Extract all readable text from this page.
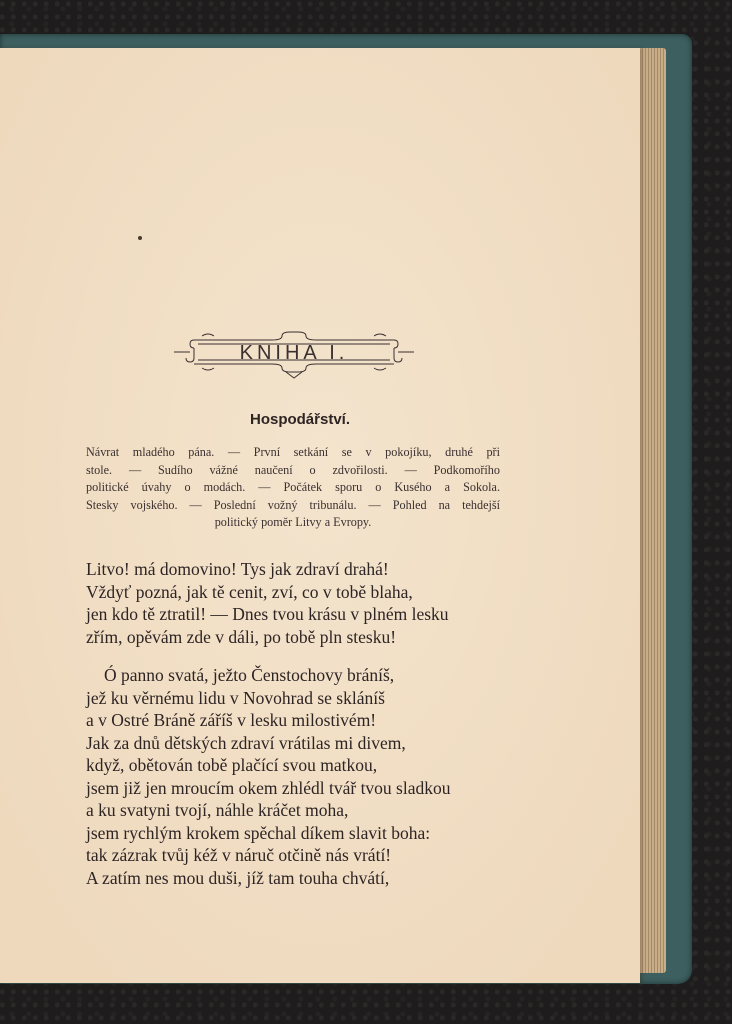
KNIHA I.
Hospodářství.

Návrat mladého pána. — První setkání se v pokojíku, druhé při
stole. — Sudího vážné naučení o zdvořilosti. — Podkomořího
politické úvahy o modách. — Počátek sporu o Kusého a Sokola.
Stesky vojského. — Poslední vožný tribunálu. — Pohled na tehdejší
politický poměr Litvy a Evropy.

Litvo! má domovino! Tys jak zdraví drahá!
Vždyť pozná, jak tě cenit, zví, co v tobě blaha,
jen kdo tě ztratil! — Dnes tvou krásu v plném lesku
zřím, opěvám zde v dáli, po tobě pln stesku!

Ó panno svatá, ježto Čenstochovy bráníš,
jež ku věrnému lidu v Novohrad se skláníš
a v Ostré Bráně záříš v lesku milostivém!
Jak za dnů dětských zdraví vrátilas mi divem,
když, obětován tobě plačící svou matkou,
jsem již jen mroucím okem zhlédl tvář tvou sladkou
a ku svatyni tvojí, náhle kráčet moha,
jsem rychlým krokem spěchal díkem slavit boha:
tak zázrak tvůj kéž v náruč otčině nás vrátí!
A zatím nes mou duši, jíž tam touha chvátí,
